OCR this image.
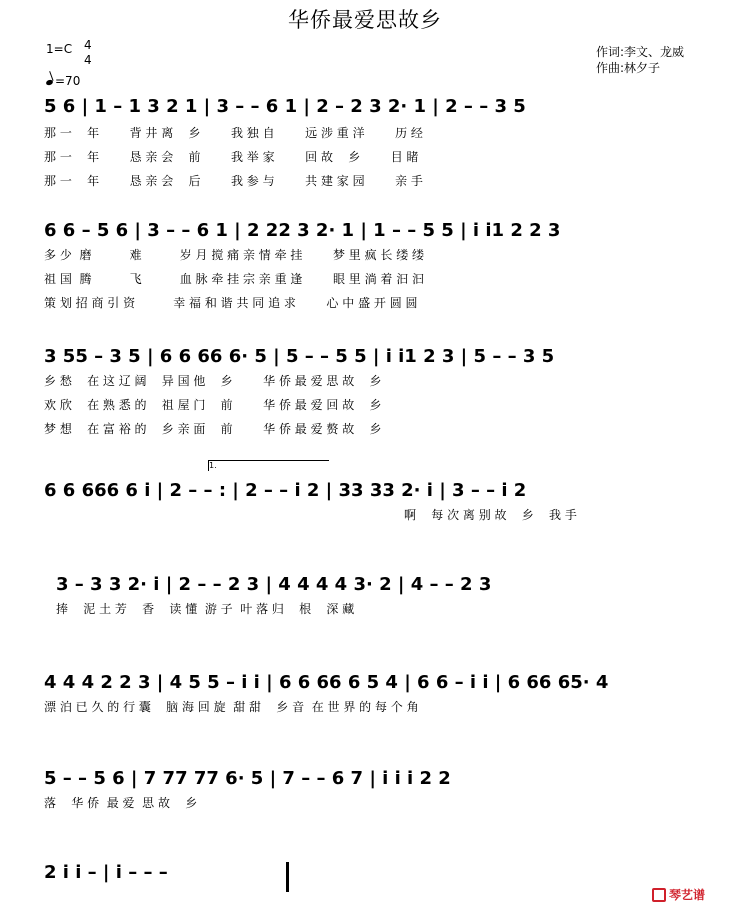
华侨最爱思故乡
1=C 4
4
=70
作词:李文、龙威
作曲:林夕子
5 6 | 1 – 1 3 2 1 | 3 – – 6 1 | 2 – 2 3 2· 1 | 2 – – 3 5
那 一    年        背 井 离    乡        我 独 自        远 涉 重 洋        历 经
那 一    年        恳 亲 会    前        我 举 家        回 故    乡        目 睹
那 一    年        恳 亲 会    后        我 参 与        共 建 家 园        亲 手
6 6 – 5 6 | 3 – – 6 1 | 2 22 3 2· 1 | 1 – – 5 5 | i i1 2 2 3
多 少  磨          难          岁 月 搅 痛 亲 情 牵 挂        梦 里 疯 长 缕 缕
祖 国  腾          飞          血 脉 牵 挂 宗 亲 重 逢        眼 里 淌 着 汩 汩
策 划 招 商 引 资          幸 福 和 谐 共 同 追 求        心 中 盛 开 圆 圆
3 55 – 3 5 | 6 6 66 6· 5 | 5 – – 5 5 | i i1 2 3 | 5 – – 3 5
乡 愁    在 这 辽 阔    异 国 他    乡        华 侨 最 爱 思 故    乡
欢 欣    在 熟 悉 的    祖 屋 门    前        华 侨 最 爱 回 故    乡
梦 想    在 富 裕 的    乡 亲 面    前        华 侨 最 爱 赘 故    乡
1.
6 6 666 6 i | 2 – – : | 2 – – i 2 | 33 33 2· i | 3 – – i 2
啊    每 次 离 别 故    乡    我 手
3 – 3 3 2· i | 2 – – 2 3 | 4 4 4 4 3· 2 | 4 – – 2 3
捧    泥 土 芳    香    读 懂  游 子  叶 落 归    根    深 藏
4 4 4 2 2 3 | 4 5 5 – i i | 6 6 66 6 5 4 | 6 6 – i i | 6 66 65· 4
漂 泊 已 久 的 行 囊    脑 海 回 旋  甜 甜    乡 音  在 世 界 的 每 个 角
5 – – 5 6 | 7 77 77 6· 5 | 7 – – 6 7 | i i i 2 2
落    华 侨  最 爱  思 故    乡
2 i i – | i – – –
琴艺谱
